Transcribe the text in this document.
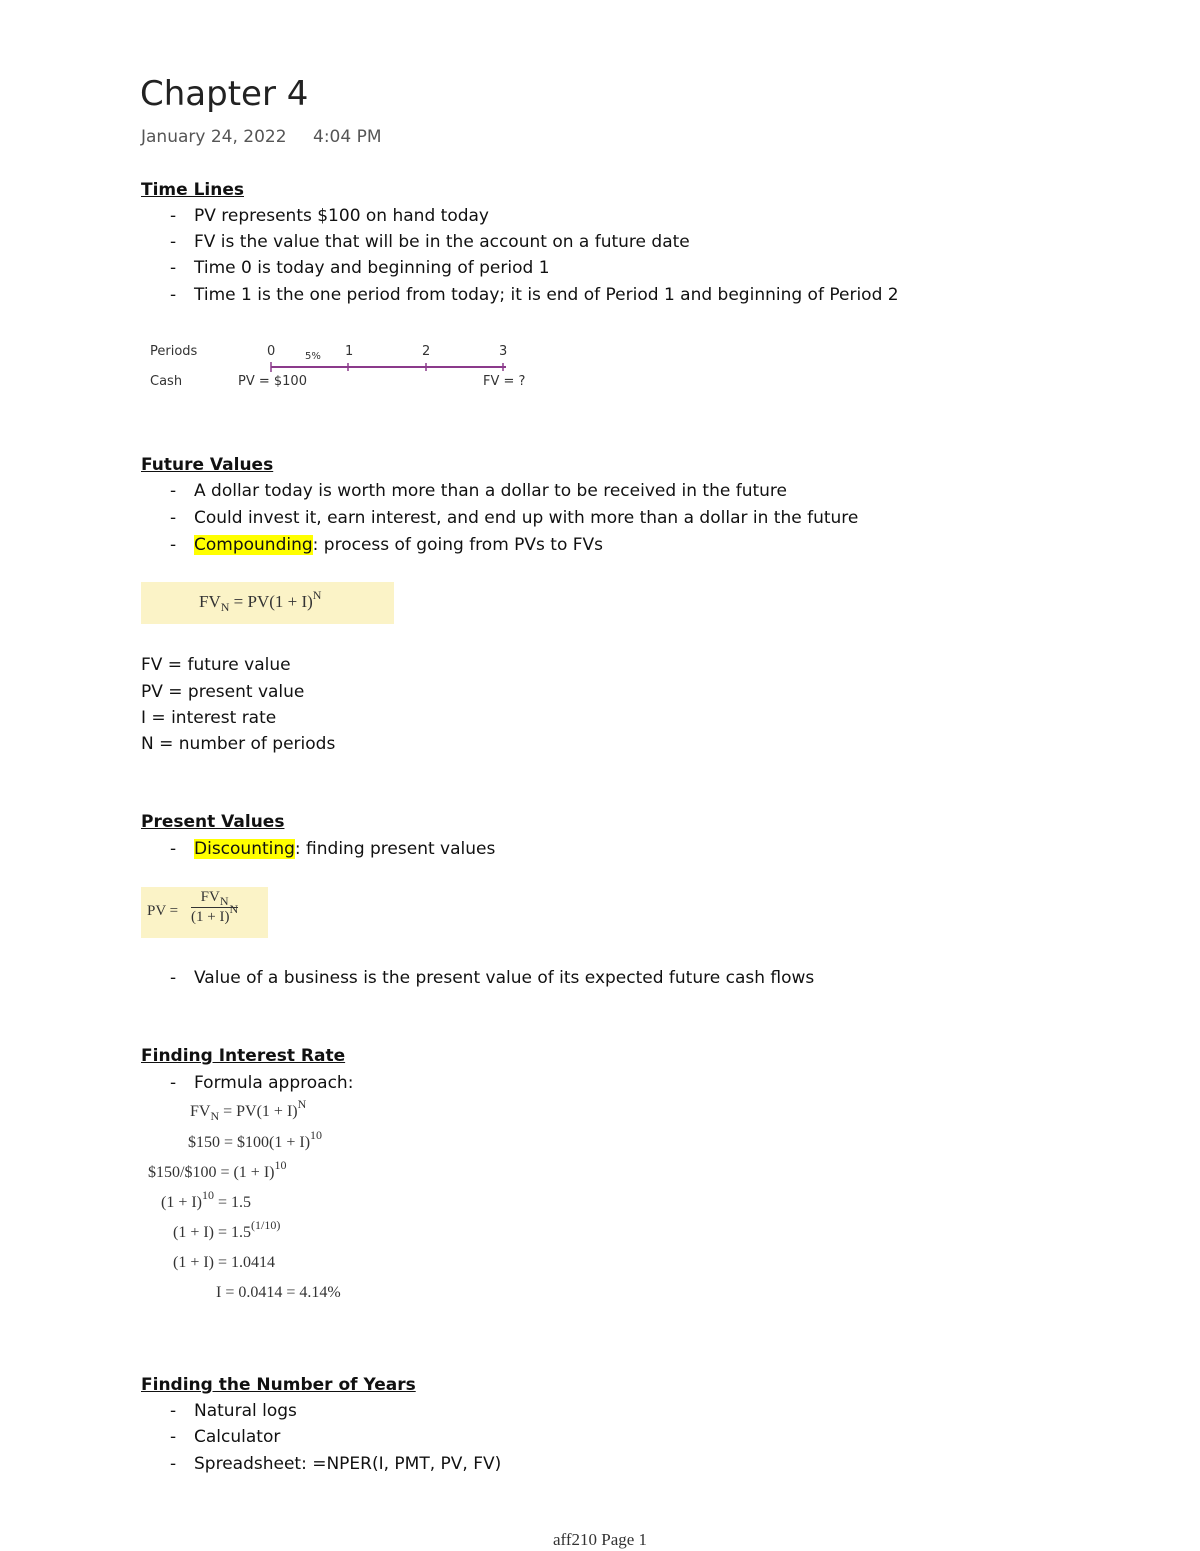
Chapter 4
January 24, 2022 4:04 PM
Time Lines
- PV represents $100 on hand today
- FV is the value that will be in the account on a future date
- Time 0 is today and beginning of period 1
- Time 1 is the one period from today; it is end of Period 1 and beginning of Period 2
Periods
Cash
0	5% 1	2	3
PV = $100	FV = ?
Future Values
- A dollar today is worth more than a dollar to be received in the future
- Could invest it, earn interest, and end up with more than a dollar in the future
- Compounding: process of going from PVs to FVs
$FV_N = PV(1 + I)^N$
FV = future value
PV = present value
I = interest rate
N = number of periods
Present Values
- Discounting: finding present values
PV =
$FV_N$
$(1 + I)^N$
- Value of a business is the present value of its expected future cash flows
Finding Interest Rate
- Formula approach:
$FV_N = PV(1 + I)^N$
$150 = $100(1 + I)$^{10}$
$150/$100 = $(1 + I)^{10}$
$(1 + I)^{10} = 1.5$
$(1 + I) = 1.5^{(1/10)}$
(1 + I) = 1.0414
I = 0.0414 = 4.14%
Finding the Number of Years
- Natural logs
- Calculator
- Spreadsheet: =NPER(I, PMT, PV, FV)
aff210 Page 1
